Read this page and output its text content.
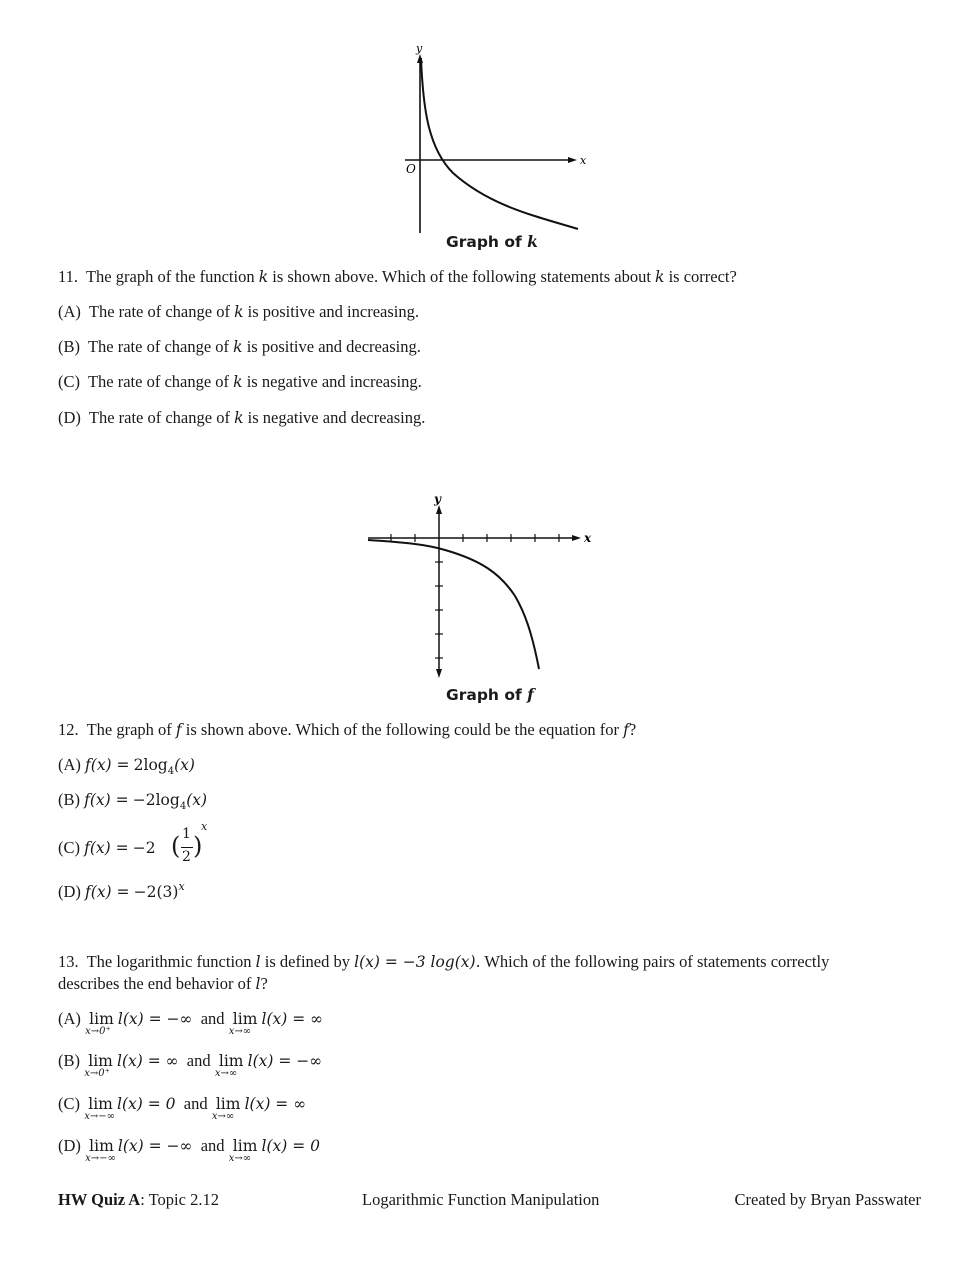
y
x
O
Graph of k
11. The graph of the function k is shown above. Which of the following statements about k is correct?
(A) The rate of change of k is positive and increasing.
(B) The rate of change of k is positive and decreasing.
(C) The rate of change of k is negative and increasing.
(D) The rate of change of k is negative and decreasing.
y
x
Graph of f
12. The graph of f is shown above. Which of the following could be the equation for f?
(A) $f(x) = 2\log_4(x)$
(B) $f(x) = -2\log_4(x)$
(C) f(x) = −2 ( 1
2 )
x
(D) $f(x) = -2(3)^x$
13. The logarithmic function l is defined by l(x) = −3 log(x). Which of the following pairs of statements correctly
describes the end behavior of l?
(A) lim
x→0⁺
l(x) = −∞ and lim
x→∞
l(x) = ∞
(B) lim
x→0⁺
l(x) = ∞ and lim
x→∞
l(x) = −∞
(C) lim
x→−∞
l(x) = 0 and lim
x→∞
l(x) = ∞
(D) lim
x→−∞
l(x) = −∞ and lim
x→∞
l(x) = 0
HW Quiz A: Topic 2.12	Logarithmic Function Manipulation	Created by Bryan Passwater
